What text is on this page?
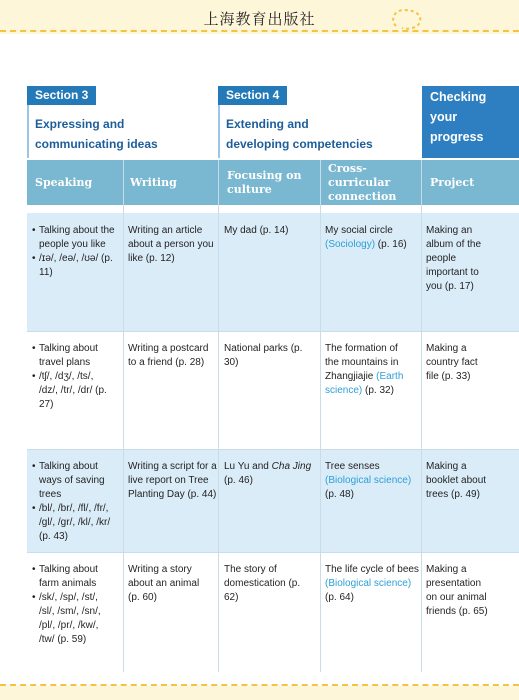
上海教育出版社
Section 3
Expressing and
communicating ideas
Section 4
Extending and
developing competencies
Checking
your
progress
Speaking	Writing
Focusing on
culture
Cross-curricular
connection
Project
• Talking about the people you like
• /ɪə/, /eə/, /ʊə/ (p. 11)
Writing an article about a person you like (p. 12)
My dad (p. 14)	My social circle (Sociology) (p. 16)
Making an album of the people important to you (p. 17)
• Talking about travel plans
• /tʃ/, /dʒ/, /ts/, /dz/, /tr/, /dr/ (p. 27)
Writing a postcard to a friend (p. 28)
National parks (p. 30)
The formation of the mountains in Zhangjiajie (Earth science) (p. 32)
Making a country fact file (p. 33)
• Talking about ways of saving trees
• /bl/, /br/, /fl/, /fr/, /gl/, /gr/, /kl/, /kr/ (p. 43)
Writing a script for a live report on Tree Planting Day (p. 44)
Lu Yu and Cha Jing (p. 46)
Tree senses (Biological science) (p. 48)
Making a booklet about trees (p. 49)
• Talking about farm animals
• /sk/, /sp/, /st/, /sl/, /sm/, /sn/, /pl/, /pr/, /kw/, /tw/ (p. 59)
Writing a story about an animal (p. 60)
The story of domestication (p. 62)
The life cycle of bees (Biological science) (p. 64)
Making a presentation on our animal friends (p. 65)
